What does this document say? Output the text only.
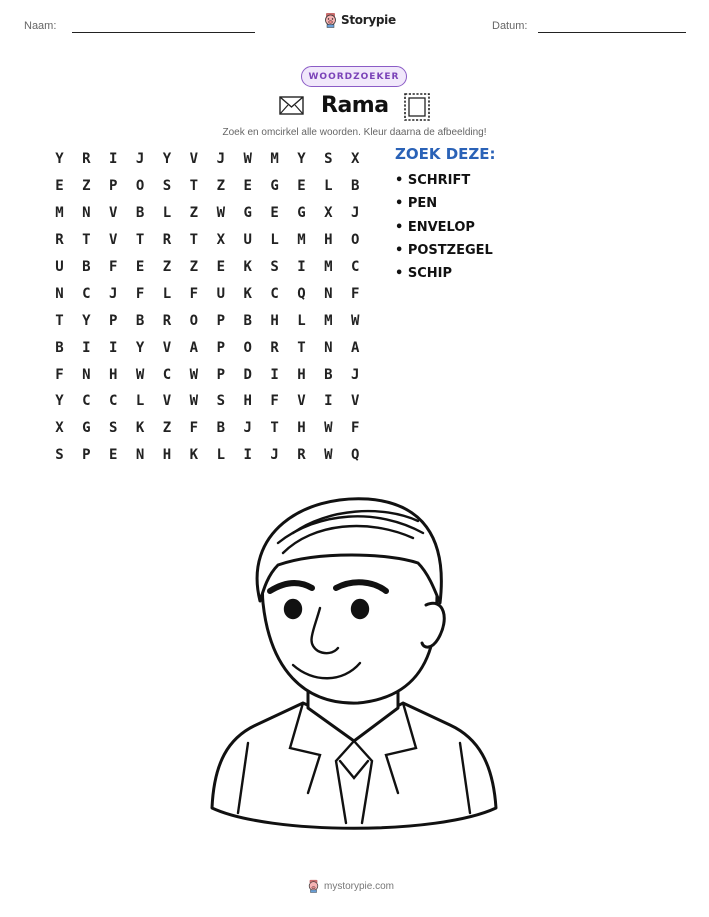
Naam:	Storypie	Datum:
WOORDZOEKER
Rama
Zoek en omcirkel alle woorden. Kleur daarna de afbeelding!
Y	R	I	J	Y	V	J	W	M	Y	S	X
E	Z	P	O	S	T	Z	E	G	E	L	B
M	N	V	B	L	Z	W	G	E	G	X	J
R	T	V	T	R	T	X	U	L	M	H	O
U	B	F	E	Z	Z	E	K	S	I	M	C
N	C	J	F	L	F	U	K	C	Q	N	F
T	Y	P	B	R	O	P	B	H	L	M	W
B	I	I	Y	V	A	P	O	R	T	N	A
F	N	H	W	C	W	P	D	I	H	B	J
Y	C	C	L	V	W	S	H	F	V	I	V
X	G	S	K	Z	F	B	J	T	H	W	F
S	P	E	N	H	K	L	I	J	R	W	Q
ZOEK DEZE:
• SCHRIFT
• PEN
• ENVELOP
• POSTZEGEL
• SCHIP
mystorypie.com
